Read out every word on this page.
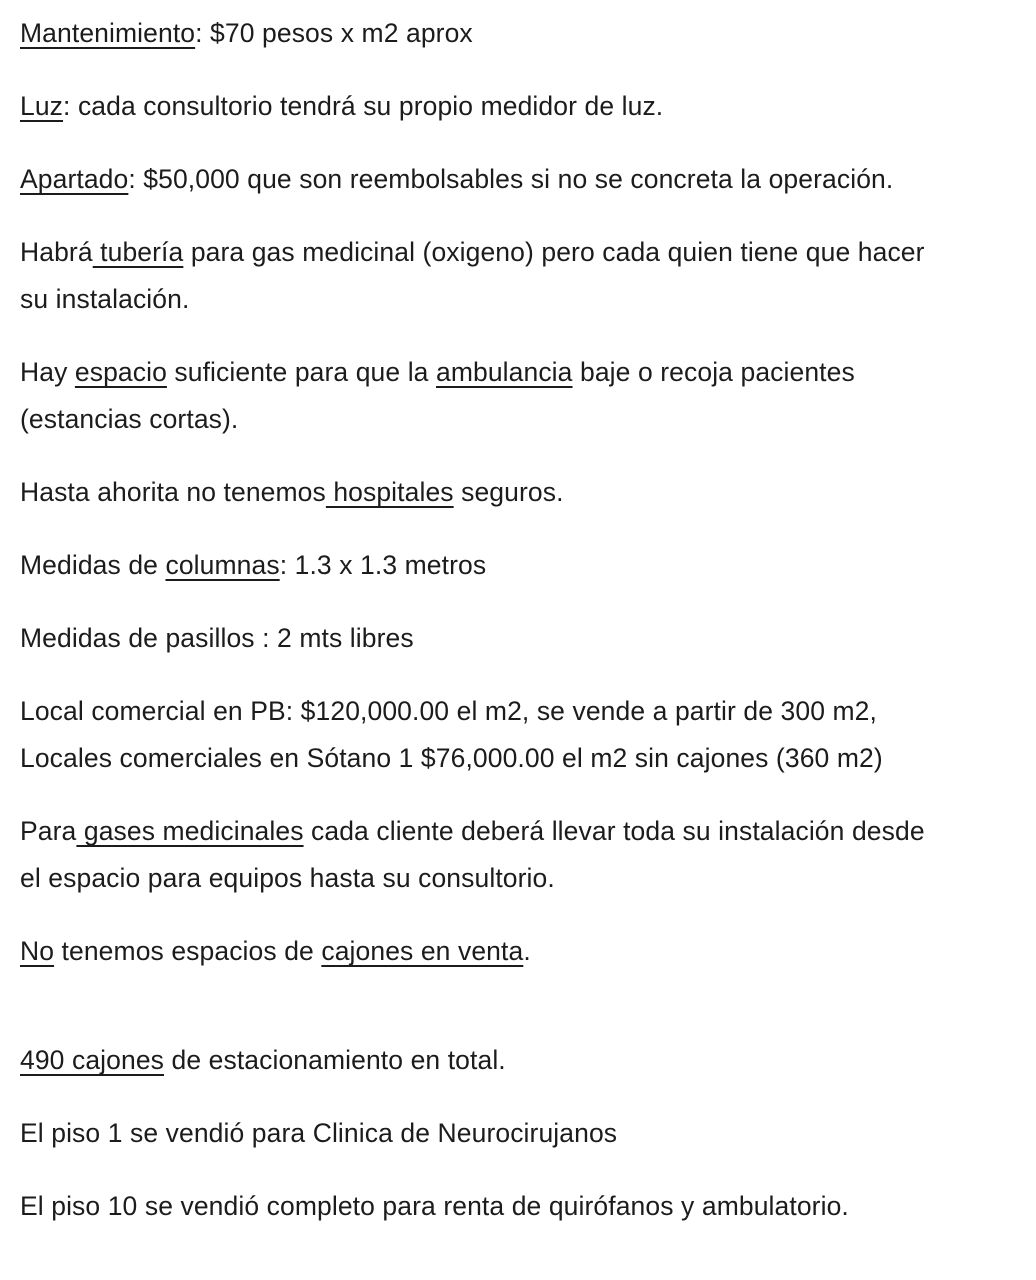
Mantenimiento: $70 pesos x m2 aprox

Luz: cada consultorio tendrá su propio medidor de luz.

Apartado: $50,000 que son reembolsables si no se concreta la operación.

Habrá tubería para gas medicinal (oxigeno) pero cada quien tiene que hacer
su instalación.

Hay espacio suficiente para que la ambulancia baje o recoja pacientes
(estancias cortas).

Hasta ahorita no tenemos hospitales seguros.

Medidas de columnas: 1.3 x 1.3 metros

Medidas de pasillos : 2 mts libres

Local comercial en PB: $120,000.00 el m2, se vende a partir de 300 m2,
Locales comerciales en Sótano 1 $76,000.00 el m2 sin cajones (360 m2)

Para gases medicinales cada cliente deberá llevar toda su instalación desde
el espacio para equipos hasta su consultorio.

No tenemos espacios de cajones en venta.

490 cajones de estacionamiento en total.

El piso 1 se vendió para Clinica de Neurocirujanos

El piso 10 se vendió completo para renta de quirófanos y ambulatorio.
